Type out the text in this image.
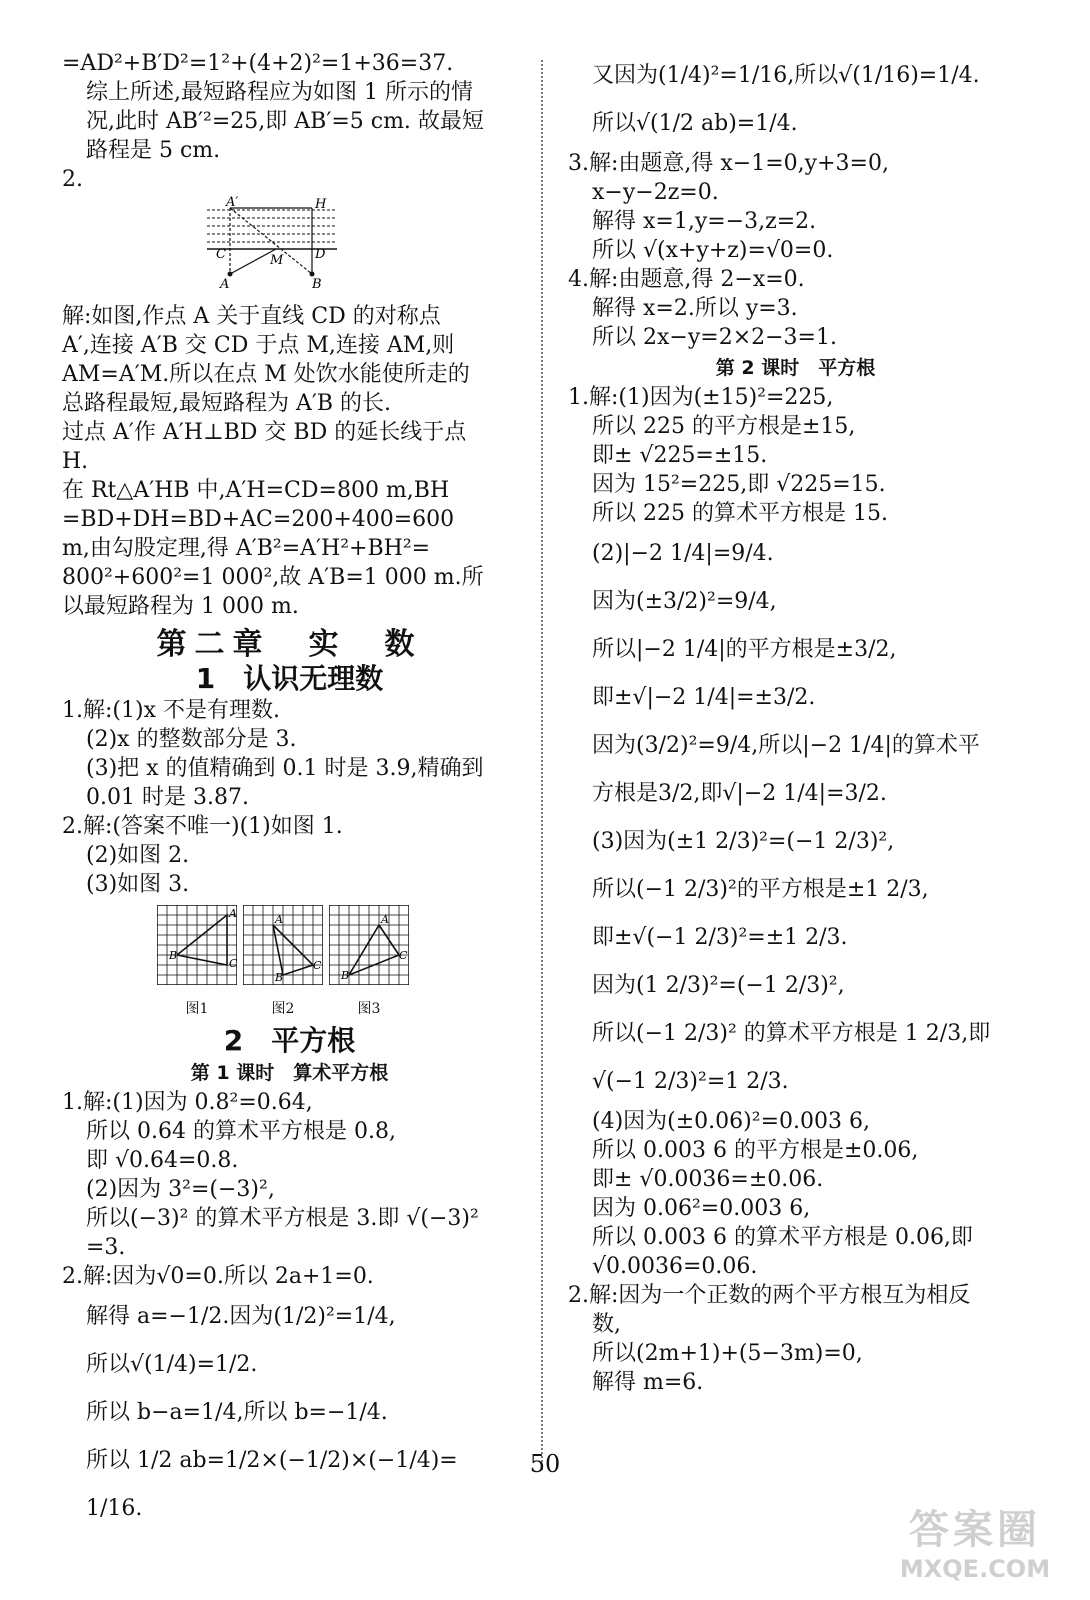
=AD²+B′D²=1²+(4+2)²=1+36=37.
综上所述,最短路程应为如图 1 所示的情
况,此时 AB′²=25,即 AB′=5 cm. 故最短
路程是 5 cm.
2.
A′	H
C	D
M
A	B
解:如图,作点 A 关于直线 CD 的对称点
A′,连接 A′B 交 CD 于点 M,连接 AM,则
AM=A′M.所以在点 M 处饮水能使所走的
总路程最短,最短路程为 A′B 的长.
过点 A′作 A′H⊥BD 交 BD 的延长线于点
H.
在 Rt△A′HB 中,A′H=CD=800 m,BH
=BD+DH=BD+AC=200+400=600
m,由勾股定理,得 A′B²=A′H²+BH²=
800²+600²=1 000²,故 A′B=1 000 m.所
以最短路程为 1 000 m.
第二章　实　数
1　认识无理数
1.解:(1)x 不是有理数.
(2)x 的整数部分是 3.
(3)把 x 的值精确到 0.1 时是 3.9,精确到
0.01 时是 3.87.
2.解:(答案不唯一)(1)如图 1.
(2)如图 2.
(3)如图 3.
A
B
C
图1
A
B
C
图2
A
B
C
图3
2　平方根
第 1 课时　算术平方根
1.解:(1)因为 0.8²=0.64,
所以 0.64 的算术平方根是 0.8,
即 √0.64=0.8.
(2)因为 3²=(−3)²,
所以(−3)² 的算术平方根是 3.即 √(−3)²
=3.
2.解:因为√0=0.所以 2a+1=0.
解得 a=−1/2.因为(1/2)²=1/4,
所以√(1/4)=1/2.
所以 b−a=1/4,所以 b=−1/4.
所以 1/2 ab=1/2×(−1/2)×(−1/4)=
1/16.
又因为(1/4)²=1/16,所以√(1/16)=1/4.
所以√(1/2 ab)=1/4.
3.解:由题意,得 x−1=0,y+3=0,
x−y−2z=0.
解得 x=1,y=−3,z=2.
所以 √(x+y+z)=√0=0.
4.解:由题意,得 2−x=0.
解得 x=2.所以 y=3.
所以 2x−y=2×2−3=1.
第 2 课时　平方根
1.解:(1)因为(±15)²=225,
所以 225 的平方根是±15,
即± √225=±15.
因为 15²=225,即 √225=15.
所以 225 的算术平方根是 15.
(2)|−2 1/4|=9/4.
因为(±3/2)²=9/4,
所以|−2 1/4|的平方根是±3/2,
即±√|−2 1/4|=±3/2.
因为(3/2)²=9/4,所以|−2 1/4|的算术平
方根是3/2,即√|−2 1/4|=3/2.
(3)因为(±1 2/3)²=(−1 2/3)²,
所以(−1 2/3)²的平方根是±1 2/3,
即±√(−1 2/3)²=±1 2/3.
因为(1 2/3)²=(−1 2/3)²,
所以(−1 2/3)² 的算术平方根是 1 2/3,即
√(−1 2/3)²=1 2/3.
(4)因为(±0.06)²=0.003 6,
所以 0.003 6 的平方根是±0.06,
即± √0.0036=±0.06.
因为 0.06²=0.003 6,
所以 0.003 6 的算术平方根是 0.06,即
√0.0036=0.06.
2.解:因为一个正数的两个平方根互为相反
数,
所以(2m+1)+(5−3m)=0,
解得 m=6.
50
答案圈
MXQE.COM
